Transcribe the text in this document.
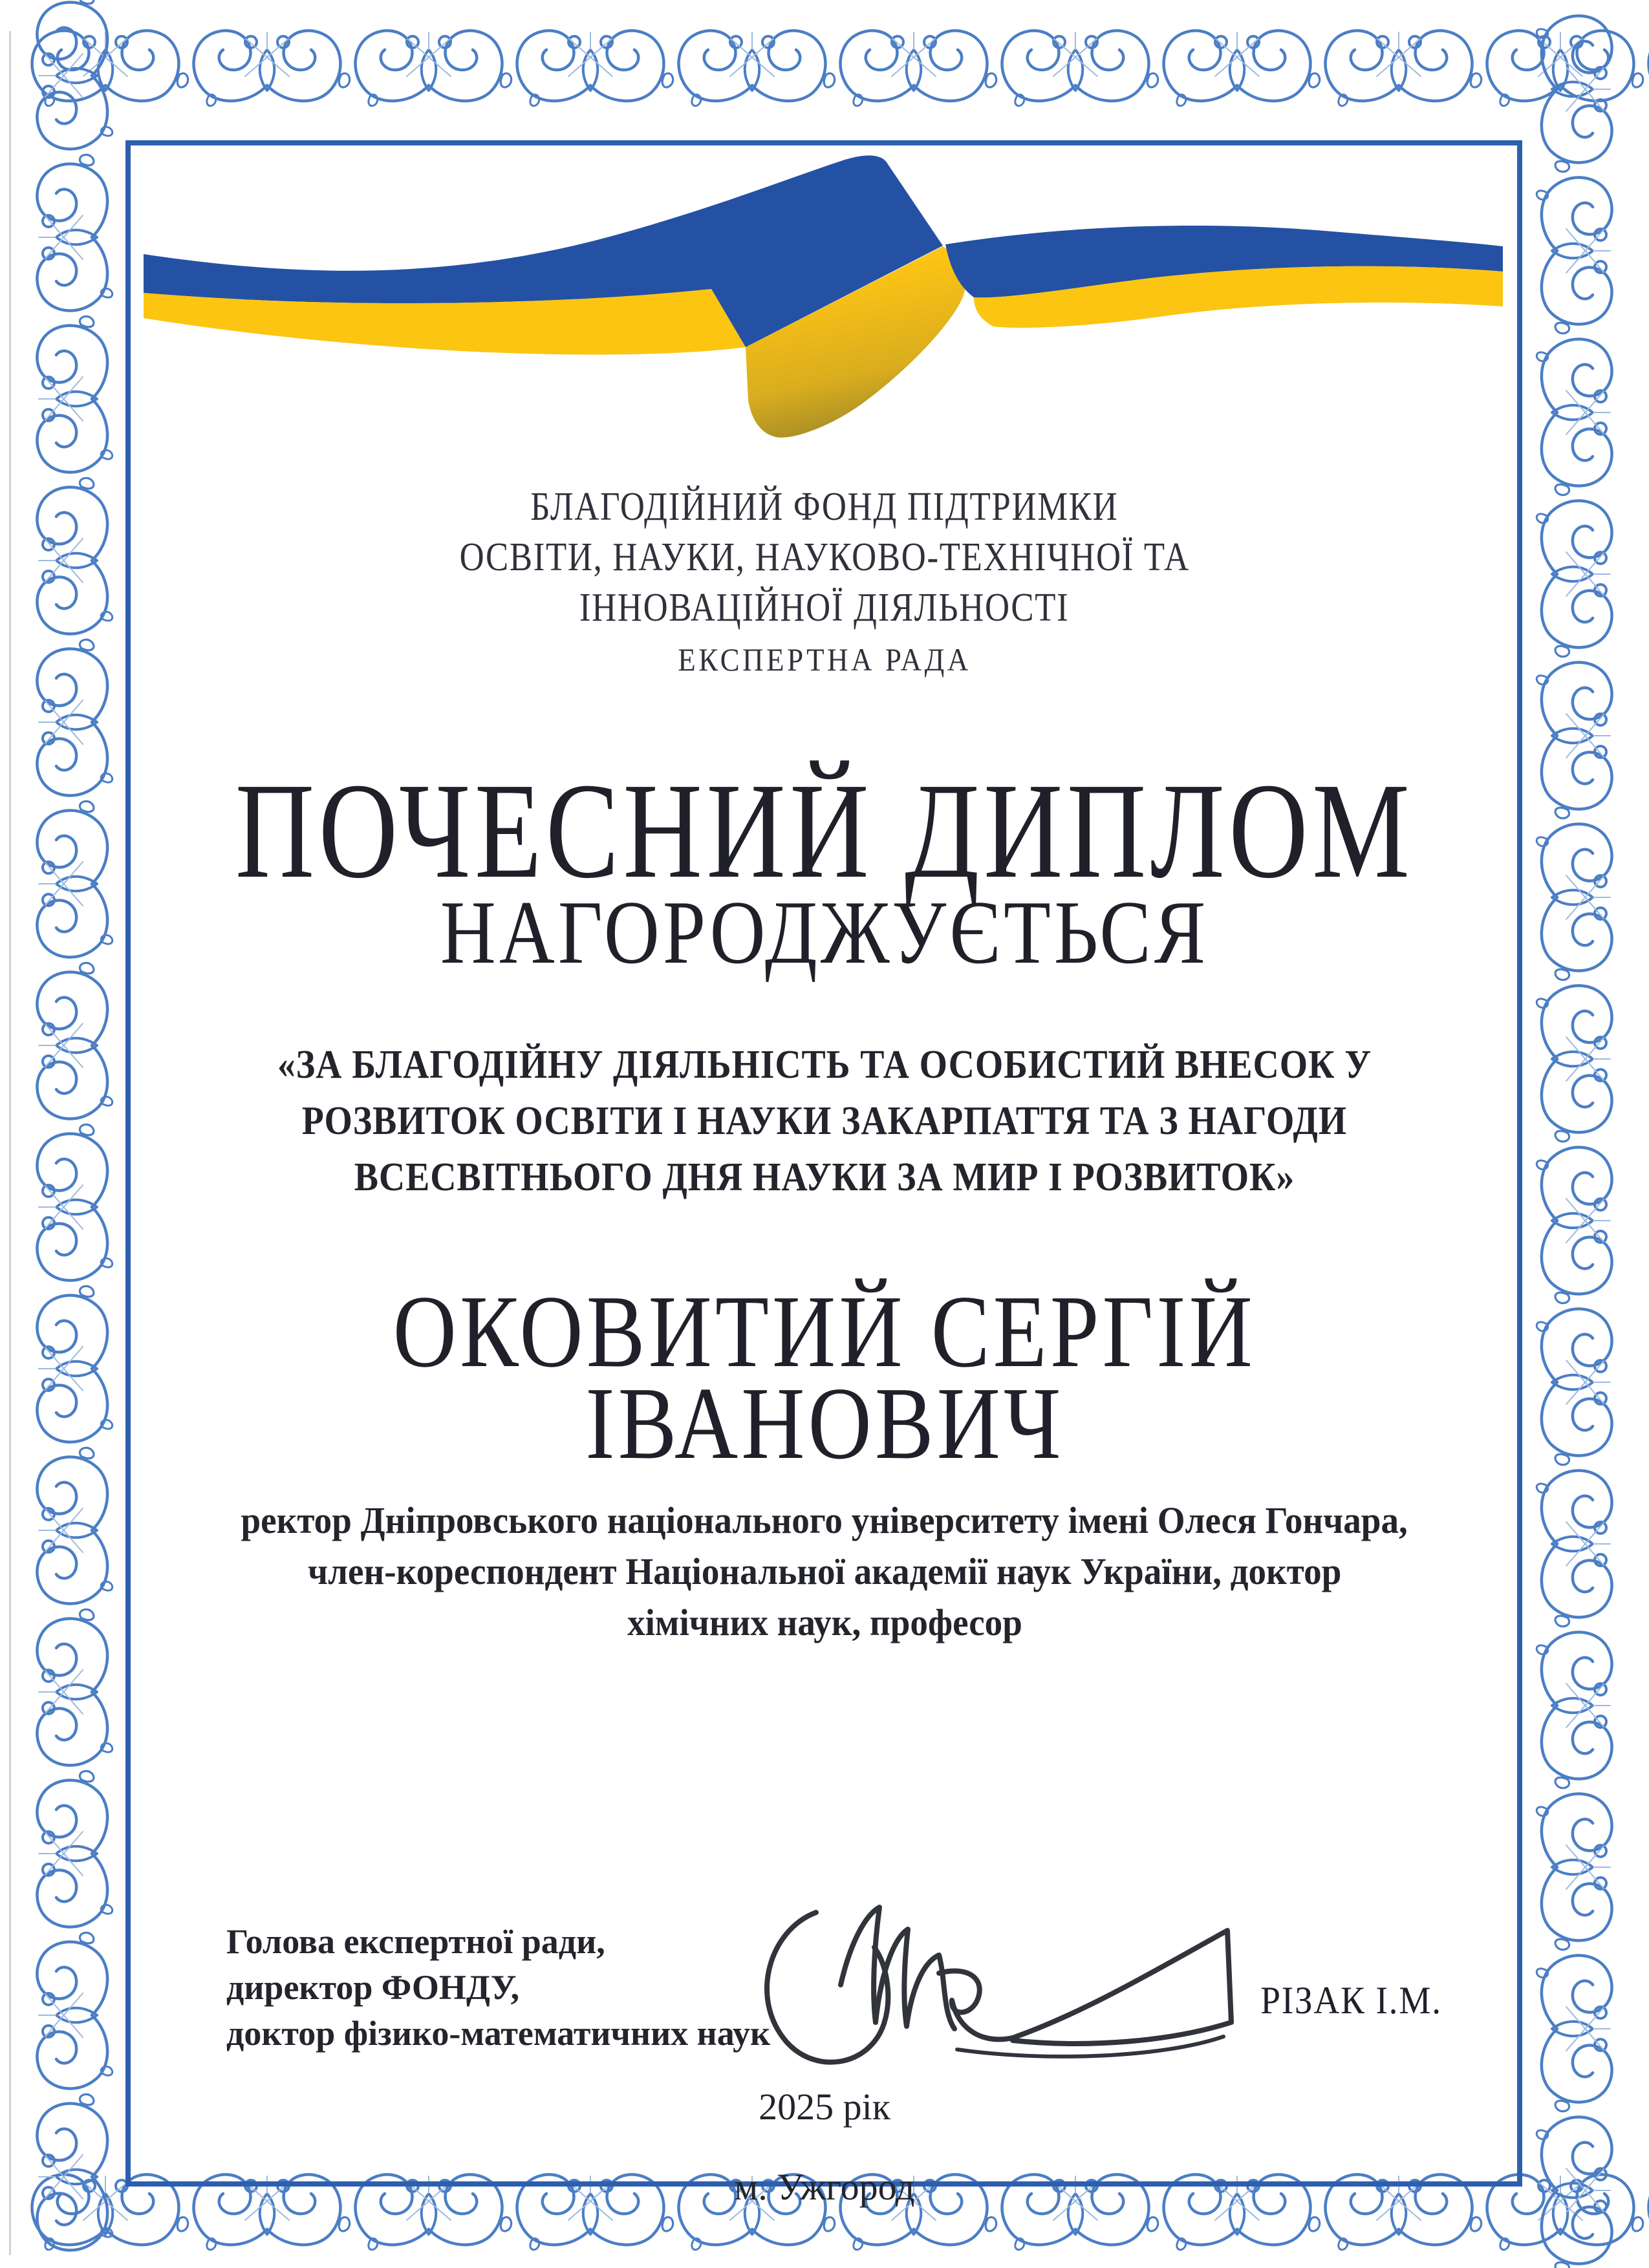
БЛАГОДІЙНИЙ ФОНД ПІДТРИМКИ
ОСВІТИ, НАУКИ, НАУКОВО-ТЕХНІЧНОЇ ТА
ІННОВАЦІЙНОЇ ДІЯЛЬНОСТІ
ЕКСПЕРТНА РАДА
ПОЧЕСНИЙ ДИПЛОМ
НАГОРОДЖУЄТЬСЯ
«ЗА БЛАГОДІЙНУ ДІЯЛЬНІСТЬ ТА ОСОБИСТИЙ ВНЕСОК У
РОЗВИТОК ОСВІТИ І НАУКИ ЗАКАРПАТТЯ ТА З НАГОДИ
ВСЕСВІТНЬОГО ДНЯ НАУКИ ЗА МИР І РОЗВИТОК»
ОКОВИТИЙ СЕРГІЙ
ІВАНОВИЧ
ректор Дніпровського національного університету імені Олеся Гончара,
член-кореспондент Національної академії наук України, доктор
хімічних наук, професор
Голова експертної ради,
директор ФОНДУ,
доктор фізико-математичних наук
РІЗАК І.М.
2025 рік
м. Ужгород
